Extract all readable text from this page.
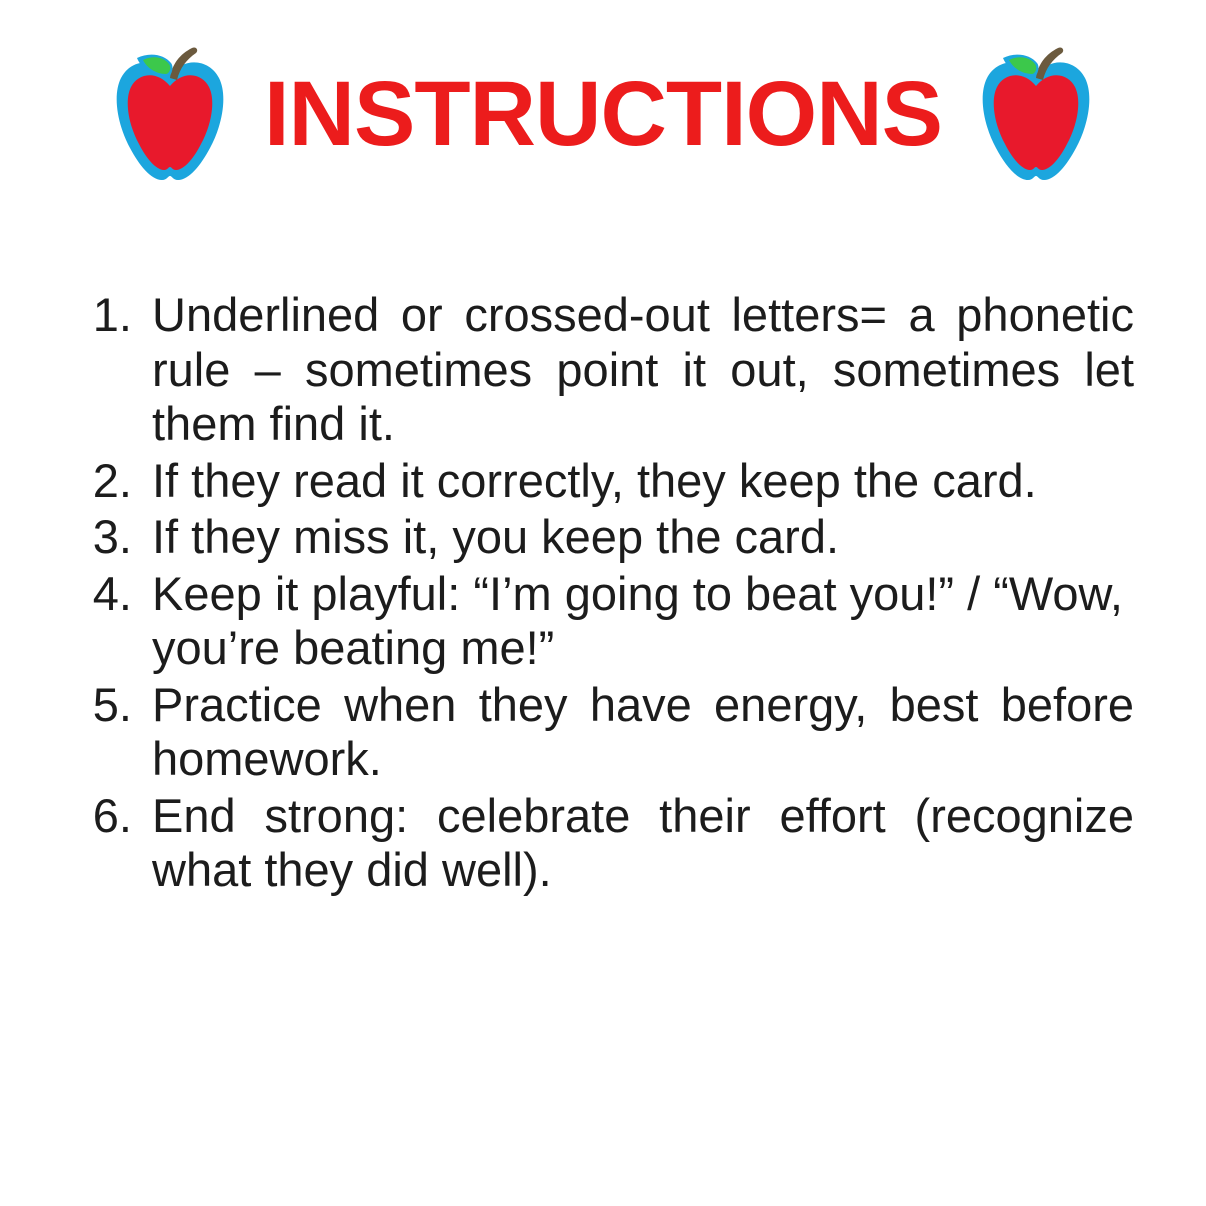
INSTRUCTIONS
1. Underlined or crossed-out letters= a phonetic rule – sometimes point it out, sometimes let them find it.
2. If they read it correctly, they keep the card.
3. If they miss it, you keep the card.
4. Keep it playful: “I’m going to beat you!” / “Wow, you’re beating me!”
5. Practice when they have energy, best before homework.
6. End strong: celebrate their effort (recognize what they did well).
